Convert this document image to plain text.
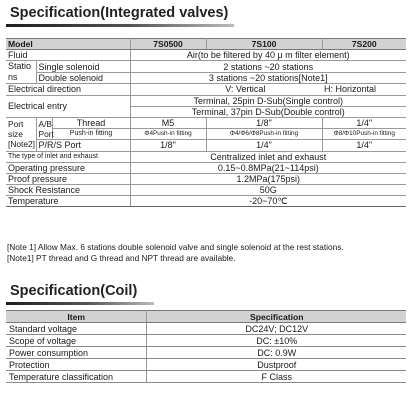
Specification(Integrated valves)
Model			7S0500	7S100	7S200
Fluid			Air(to be filtered by 40 μ m filter element)		
Statio ns	Single solenoid		2 stations ~20 stations		
	Double solenoid		3 stations ~20 stations[Note1]		
Electrical direction			V: Vertical		H: Horizontal
Electrical entry			Terminal, 25pin D-Sub(Single control)		
			Terminal, 37pin D-Sub(Double control)		
Port size [Note2]	A/B Port	Thread	M5	1/8"	1/4"
		Push-in fitting	Φ4Push-in fitting	Φ4/Φ6/Φ8Push-in fitting	Φ8/Φ10Push-in fitting
	P/R/S Port		1/8"	1/4"	1/4"
The type of inlet and exhaust			Centralized inlet and exhaust		
Operating pressure			0.15~0.8MPa(21~114psi)		
Proof pressure			1.2MPa(175psi)		
Shock Resistance			50G		
Temperature			-20~70℃		
[Note 1] Allow Max. 6 stations double solenoid valve and single solenoid at the rest stations.
[Note1] PT thread and G thread and NPT thread are available.
Specification(Coil)
Item	Specification
Standard voltage	DC24V; DC12V
Scope of voltage	DC: ±10%
Power consumption	DC: 0.9W
Protection	Dustproof
Temperature classification	F Class
